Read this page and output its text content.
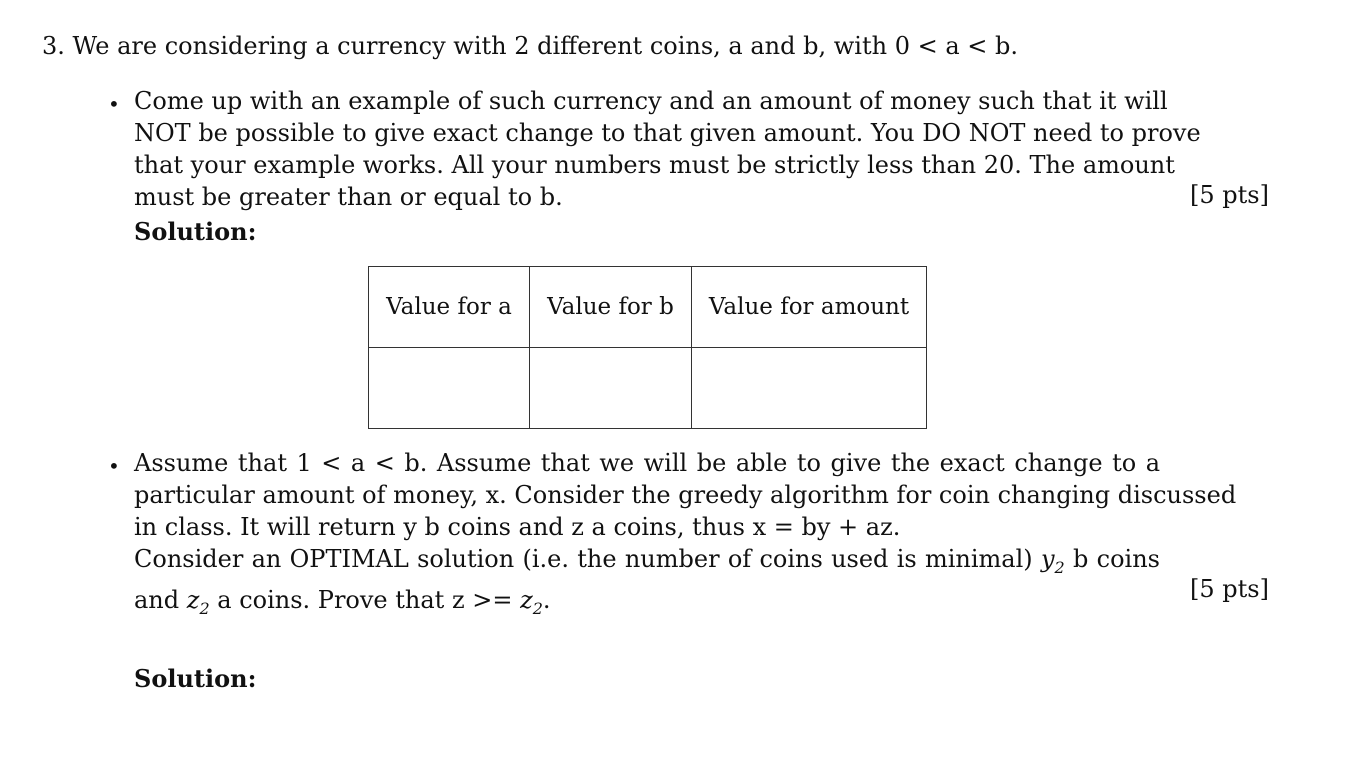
3. We are considering a currency with 2 different coins, a and b, with 0 < a < b.
• Come up with an example of such currency and an amount of money such that it will
NOT be possible to give exact change to that given amount. You DO NOT need to prove
that your example works. All your numbers must be strictly less than 20. The amount
must be greater than or equal to b.	[5 pts]
Solution:
Value for a	Value for b	Value for amount

• Assume that 1 < a < b. Assume that we will be able to give the exact change to a
particular amount of money, x. Consider the greedy algorithm for coin changing discussed
in class. It will return y b coins and z a coins, thus x = by + az.
Consider an OPTIMAL solution (i.e. the number of coins used is minimal) $y_2$ b coins
and $z_2$ a coins. Prove that $z >= z_2$.	[5 pts]
Solution:
